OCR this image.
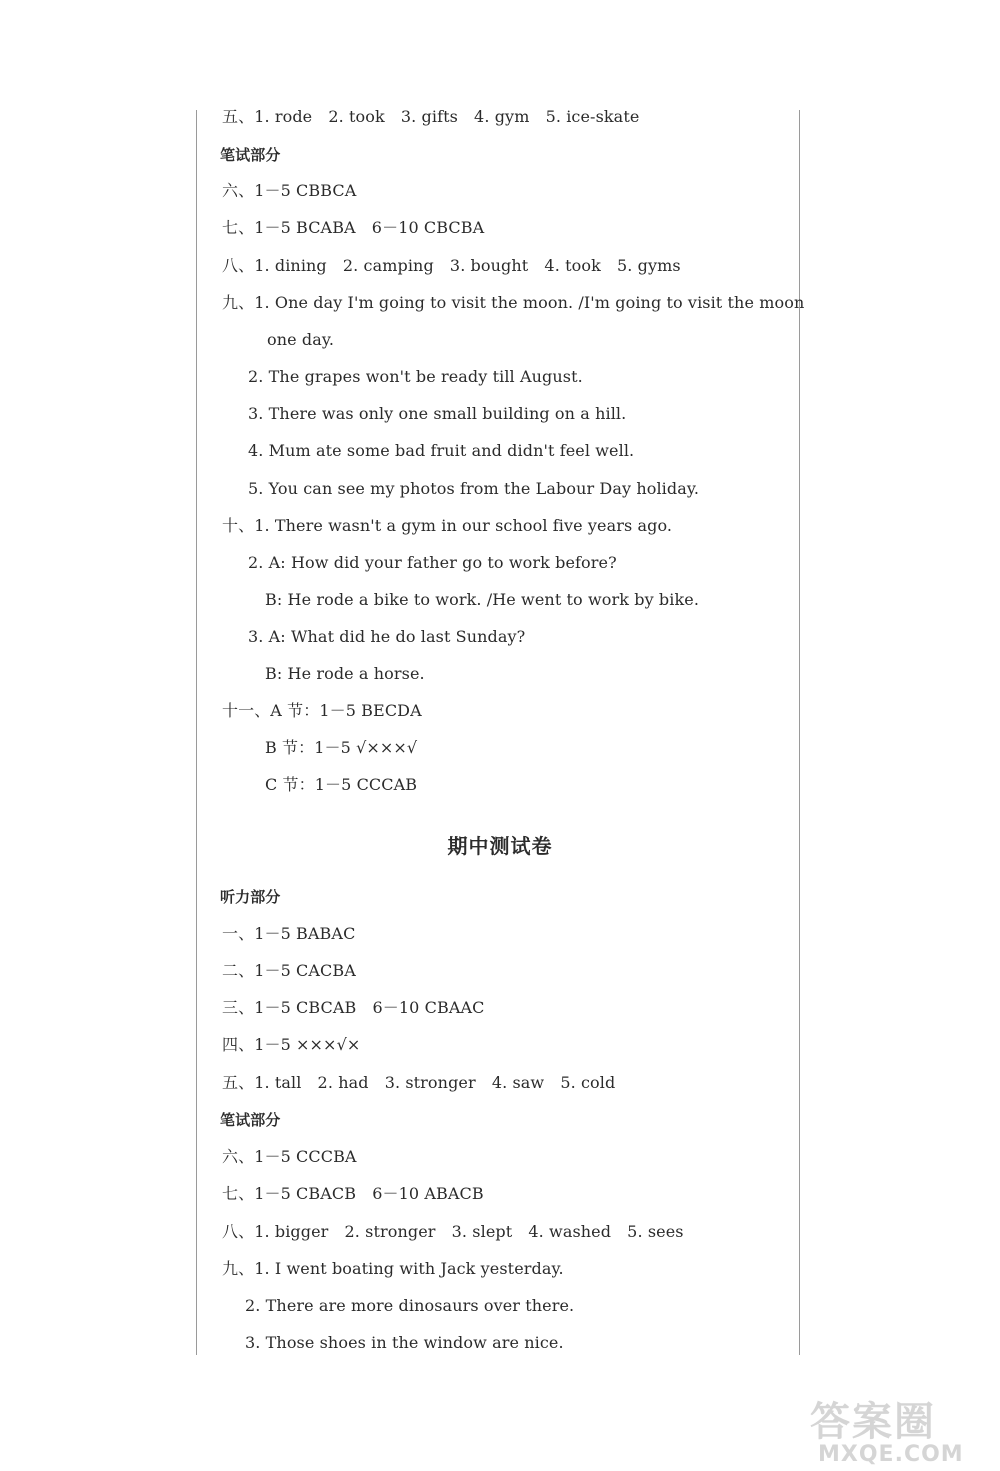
五、1. rode　2. took　3. gifts　4. gym　5. ice-skate
笔试部分
六、1－5 CBBCA
七、1－5 BCABA　6－10 CBCBA
八、1. dining　2. camping　3. bought　4. took　5. gyms
九、1. One day I'm going to visit the moon. /I'm going to visit the moon
one day.
2. The grapes won't be ready till August.
3. There was only one small building on a hill.
4. Mum ate some bad fruit and didn't feel well.
5. You can see my photos from the Labour Day holiday.
十、1. There wasn't a gym in our school five years ago.
2. A: How did your father go to work before?
B: He rode a bike to work. /He went to work by bike.
3. A: What did he do last Sunday?
B: He rode a horse.
十一、A 节：1－5 BECDA
B 节：1－5 √×××√
C 节：1－5 CCCAB
期中测试卷
听力部分
一、1－5 BABAC
二、1－5 CACBA
三、1－5 CBCAB　6－10 CBAAC
四、1－5 ×××√×
五、1. tall　2. had　3. stronger　4. saw　5. cold
笔试部分
六、1－5 CCCBA
七、1－5 CBACB　6－10 ABACB
八、1. bigger　2. stronger　3. slept　4. washed　5. sees
九、1. I went boating with Jack yesterday.
2. There are more dinosaurs over there.
3. Those shoes in the window are nice.
答案圈
MXQE.COM
